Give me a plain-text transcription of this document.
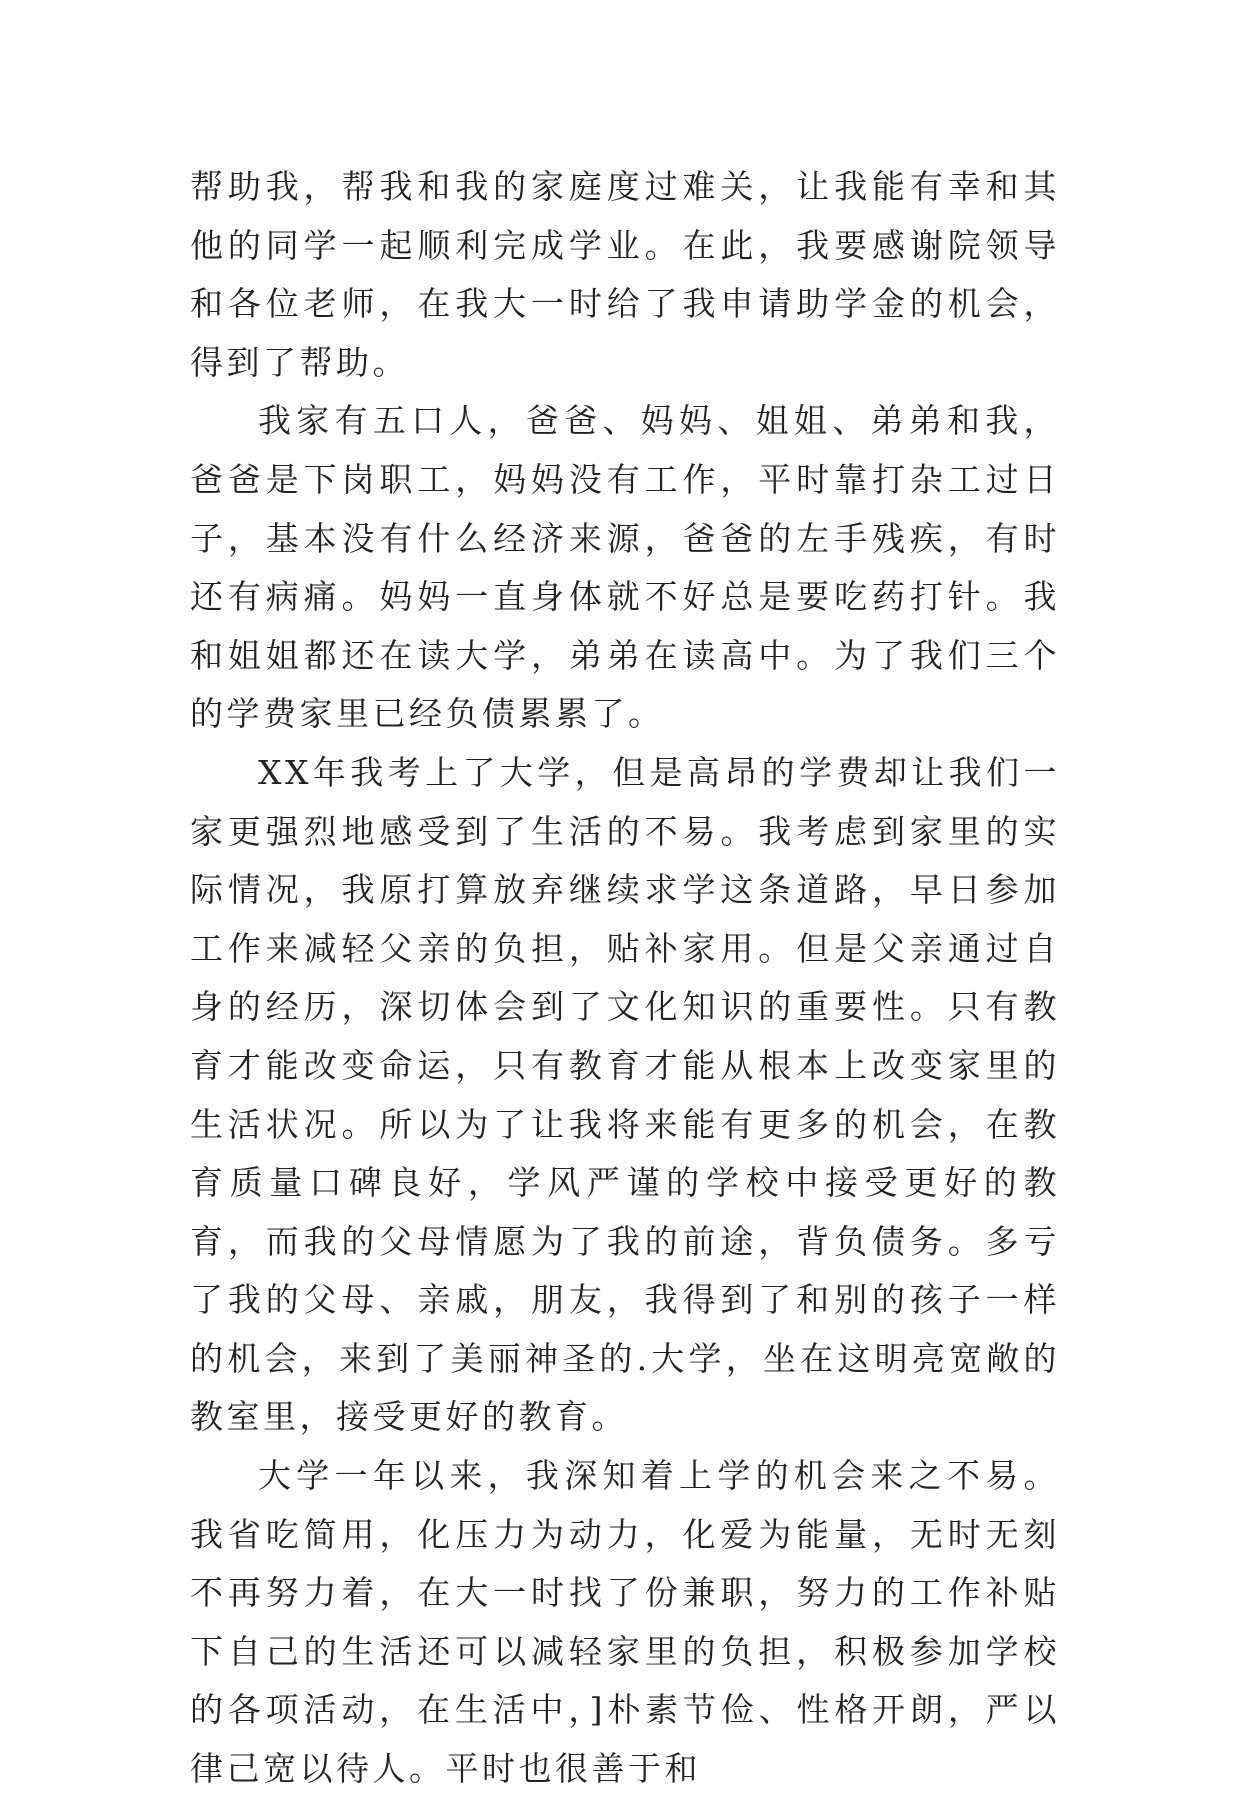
帮助我，帮我和我的家庭度过难关，让我能有幸和其他的同学一起顺利完成学业。在此，我要感谢院领导和各位老师，在我大一时给了我申请助学金的机会，得到了帮助。

我家有五口人，爸爸、妈妈、姐姐、弟弟和我，爸爸是下岗职工，妈妈没有工作，平时靠打杂工过日子，基本没有什么经济来源，爸爸的左手残疾，有时还有病痛。妈妈一直身体就不好总是要吃药打针。我和姐姐都还在读大学，弟弟在读高中。为了我们三个的学费家里已经负债累累了。

XX年我考上了大学，但是高昂的学费却让我们一家更强烈地感受到了生活的不易。我考虑到家里的实际情况，我原打算放弃继续求学这条道路，早日参加工作来减轻父亲的负担，贴补家用。但是父亲通过自身的经历，深切体会到了文化知识的重要性。只有教育才能改变命运，只有教育才能从根本上改变家里的生活状况。所以为了让我将来能有更多的机会，在教育质量口碑良好，学风严谨的学校中接受更好的教育，而我的父母情愿为了我的前途，背负债务。多亏了我的父母、亲戚，朋友，我得到了和别的孩子一样的机会，来到了美丽神圣的.大学，坐在这明亮宽敞的教室里，接受更好的教育。

大学一年以来，我深知着上学的机会来之不易。我省吃简用，化压力为动力，化爱为能量，无时无刻不再努力着，在大一时找了份兼职，努力的工作补贴下自己的生活还可以减轻家里的负担，积极参加学校的各项活动，在生活中，]朴素节俭、性格开朗，严以律己宽以待人。平时也很善于和
